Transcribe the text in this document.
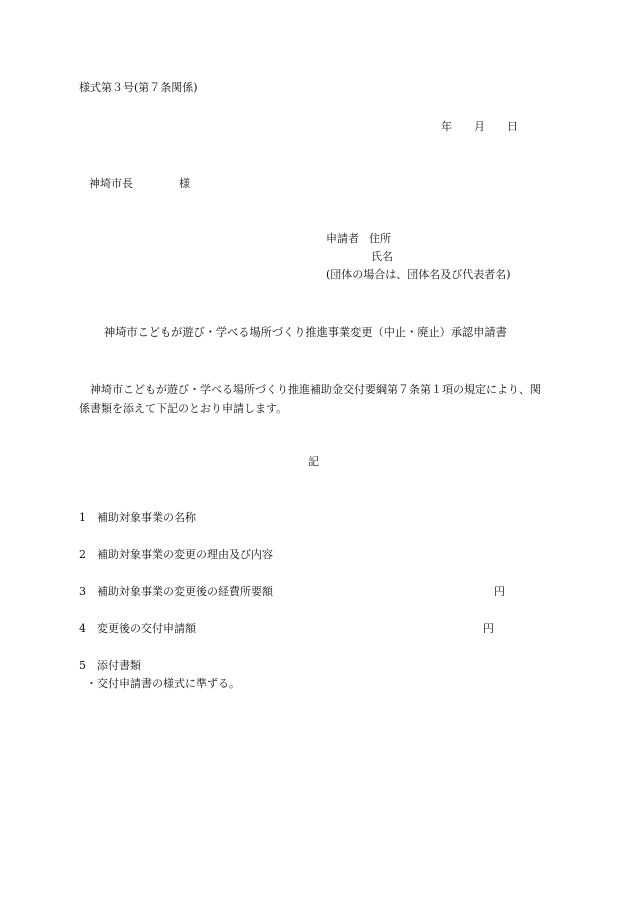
様式第３号(第７条関係)
年 月 日
神埼市長	様
申請者 住所
氏名
(団体の場合は、団体名及び代表者名)
神埼市こどもが遊び・学べる場所づくり推進事業変更（中止・廃止）承認申請書
神埼市こどもが遊び・学べる場所づくり推進補助金交付要綱第７条第１項の規定により、関係書類を添えて下記のとおり申請します。
記
1 補助対象事業の名称
2 補助対象事業の変更の理由及び内容
3 補助対象事業の変更後の経費所要額	円
4 変更後の交付申請額	円
5 添付書類
・交付申請書の様式に準ずる。
